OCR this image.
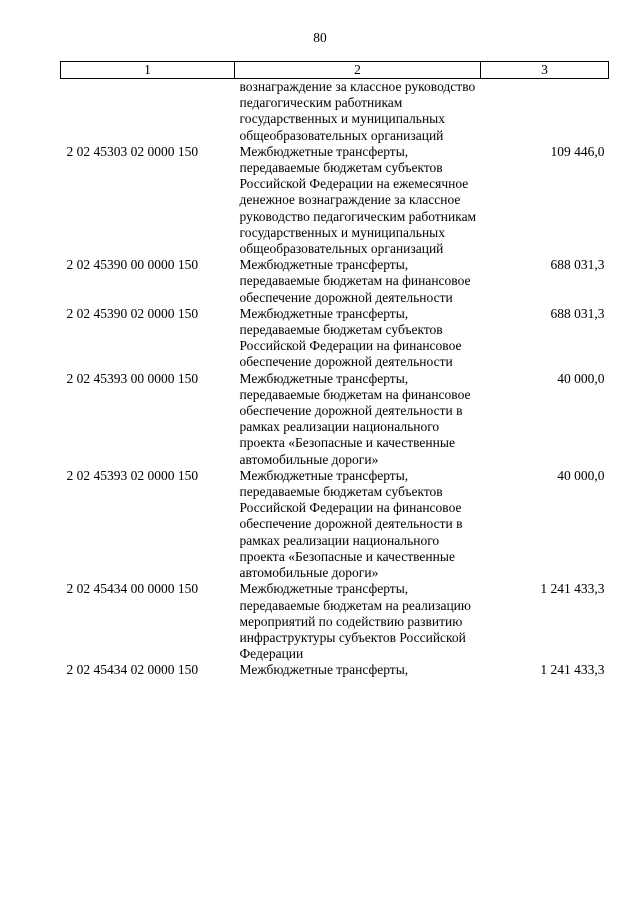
80
1	2	3
	вознаграждение за классное руководство педагогическим работникам государственных и муниципальных общеобразовательных организаций	
2 02 45303 02 0000 150	Межбюджетные трансферты, передаваемые бюджетам субъектов Российской Федерации на ежемесячное денежное вознаграждение за классное руководство педагогическим работникам государственных и муниципальных общеобразовательных организаций	109 446,0
2 02 45390 00 0000 150	Межбюджетные трансферты, передаваемые бюджетам на финансовое обеспечение дорожной деятельности	688 031,3
2 02 45390 02 0000 150	Межбюджетные трансферты, передаваемые бюджетам субъектов Российской Федерации на финансовое обеспечение дорожной деятельности	688 031,3
2 02 45393 00 0000 150	Межбюджетные трансферты, передаваемые бюджетам на финансовое обеспечение дорожной деятельности в рамках реализации национального проекта «Безопасные и качественные автомобильные дороги»	40 000,0
2 02 45393 02 0000 150	Межбюджетные трансферты, передаваемые бюджетам субъектов Российской Федерации на финансовое обеспечение дорожной деятельности в рамках реализации национального проекта «Безопасные и качественные автомобильные дороги»	40 000,0
2 02 45434 00 0000 150	Межбюджетные трансферты, передаваемые бюджетам на реализацию мероприятий по содействию развитию инфраструктуры субъектов Российской Федерации	1 241 433,3
2 02 45434 02 0000 150	Межбюджетные трансферты,	1 241 433,3
